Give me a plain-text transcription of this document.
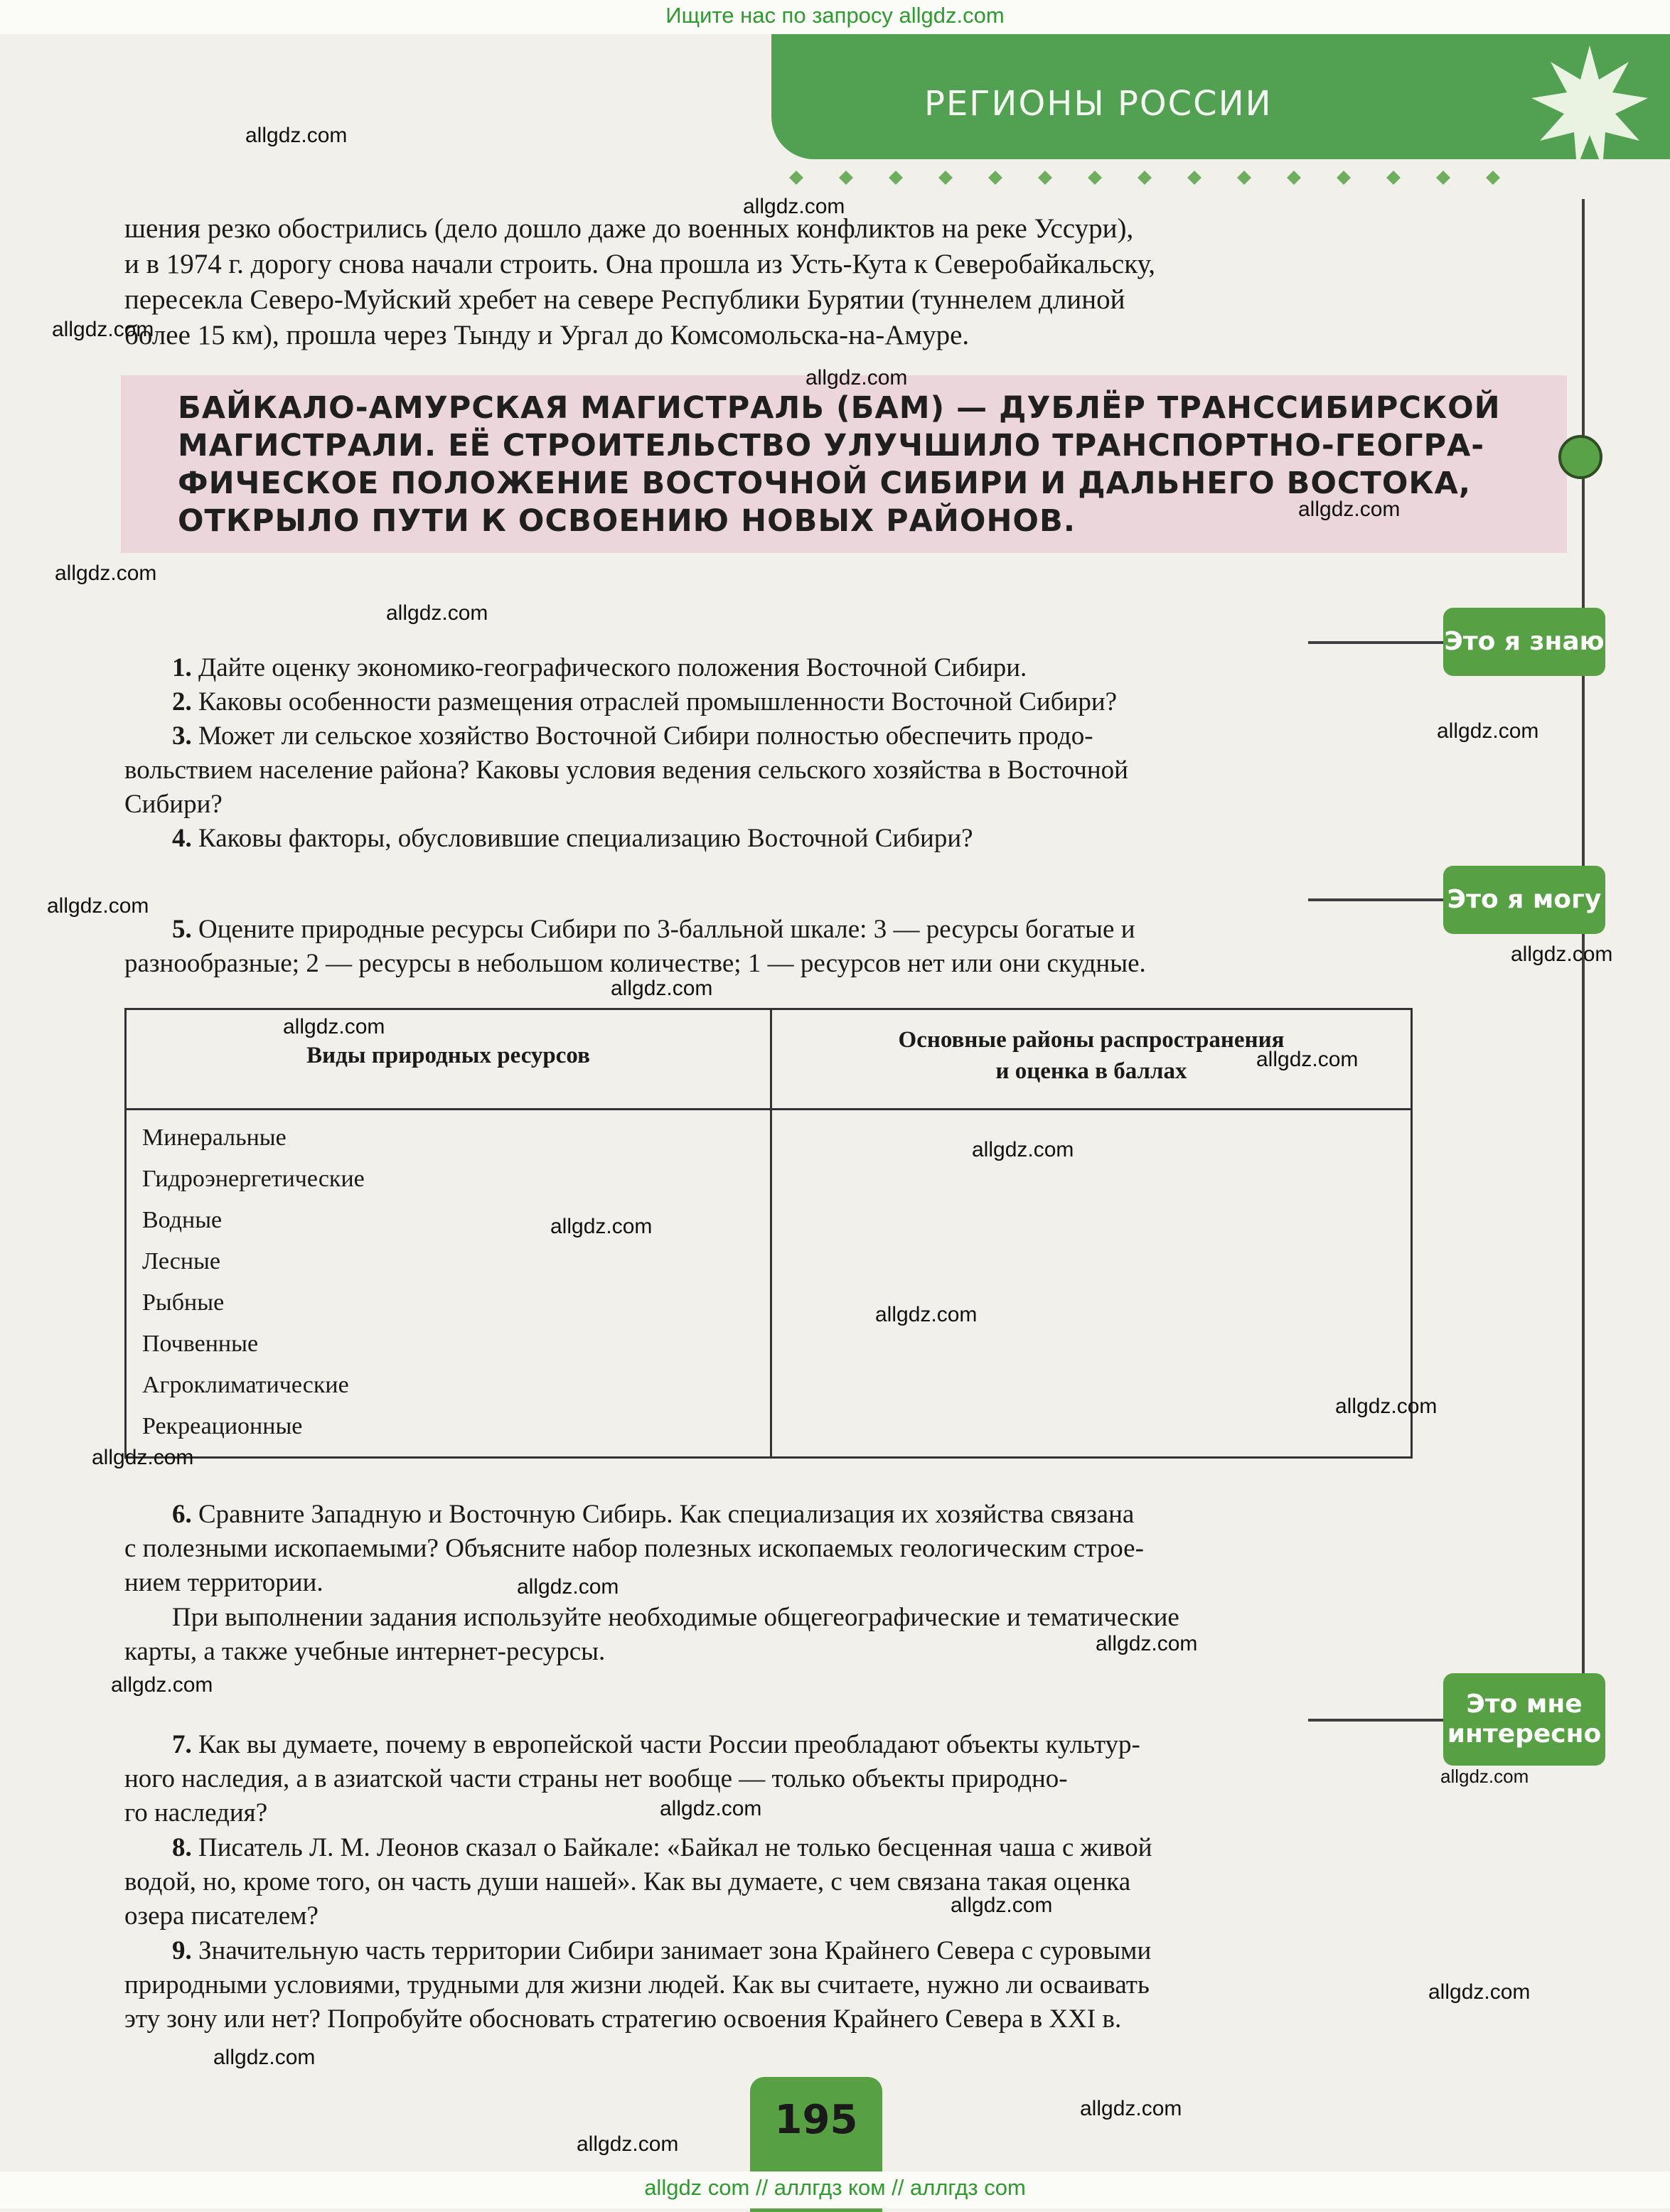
Ищите нас по запросу allgdz.com
РЕГИОНЫ РОССИИ
шения резко обострились (дело дошло даже до военных конфликтов на реке Уссури),
и в 1974 г. дорогу снова начали строить. Она прошла из Усть-Кута к Северобайкальску,
пересекла Северо-Муйский хребет на севере Республики Бурятии (туннелем длиной
более 15 км), прошла через Тынду и Ургал до Комсомольска-на-Амуре.
БАЙКАЛО-АМУРСКАЯ МАГИСТРАЛЬ (БАМ) — ДУБЛЁР ТРАНССИБИРСКОЙ
МАГИСТРАЛИ. ЕЁ СТРОИТЕЛЬСТВО УЛУЧШИЛО ТРАНСПОРТНО-ГЕОГРА-
ФИЧЕСКОЕ ПОЛОЖЕНИЕ ВОСТОЧНОЙ СИБИРИ И ДАЛЬНЕГО ВОСТОКА,
ОТКРЫЛО ПУТИ К ОСВОЕНИЮ НОВЫХ РАЙОНОВ.
Это я знаю
Это я могу
Это мне интересно
1. Дайте оценку экономико-географического положения Восточной Сибири.
2. Каковы особенности размещения отраслей промышленности Восточной Сибири?
3. Может ли сельское хозяйство Восточной Сибири полностью обеспечить продо-
вольствием население района? Каковы условия ведения сельского хозяйства в Восточной
Сибири?
4. Каковы факторы, обусловившие специализацию Восточной Сибири?
5. Оцените природные ресурсы Сибири по 3-балльной шкале: 3 — ресурсы богатые и
разнообразные; 2 — ресурсы в небольшом количестве; 1 — ресурсов нет или они скудные.
Виды природных ресурсов
Основные районы распространения
и оценка в баллах
Минеральные
Гидроэнергетические
Водные
Лесные
Рыбные
Почвенные
Агроклиматические
Рекреационные
6. Сравните Западную и Восточную Сибирь. Как специализация их хозяйства связана
с полезными ископаемыми? Объясните набор полезных ископаемых геологическим строе-
нием территории.
При выполнении задания используйте необходимые общегеографические и тематические
карты, а также учебные интернет-ресурсы.
7. Как вы думаете, почему в европейской части России преобладают объекты культур-
ного наследия, а в азиатской части страны нет вообще — только объекты природно-
го наследия?
8. Писатель Л. М. Леонов сказал о Байкале: «Байкал не только бесценная чаша с живой
водой, но, кроме того, он часть души нашей». Как вы думаете, с чем связана такая оценка
озера писателем?
9. Значительную часть территории Сибири занимает зона Крайнего Севера с суровыми
природными условиями, трудными для жизни людей. Как вы считаете, нужно ли осваивать
эту зону или нет? Попробуйте обосновать стратегию освоения Крайнего Севера в XXI в.
195
allgdz com // аллгдз ком // аллгдз com
allgdz.com
allgdz.com
allgdz.com
allgdz.com
allgdz.com
allgdz.com
allgdz.com
allgdz.com
allgdz.com
allgdz.com
allgdz.com
allgdz.com
allgdz.com
allgdz.com
allgdz.com
allgdz.com
allgdz.com
allgdz.com
allgdz.com
allgdz.com
allgdz.com
allgdz.com
allgdz.com
allgdz.com
allgdz.com
allgdz.com
allgdz.com
allgdz.com
